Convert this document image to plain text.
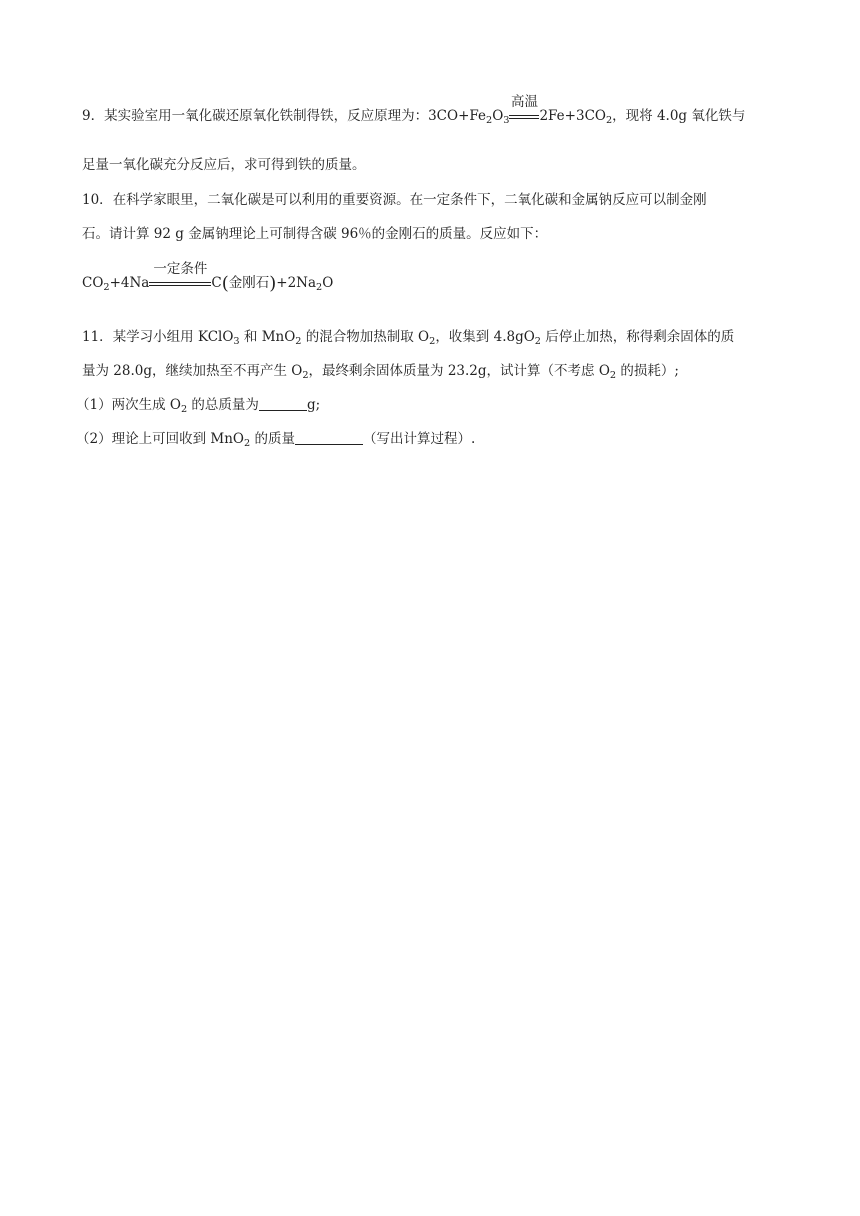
9．某实验室用一氧化碳还原氧化铁制得铁，反应原理为：$3CO+Fe_2O_3$
高温
$2Fe+3CO_2$，现将 4.0g 氧化铁与
足量一氧化碳充分反应后，求可得到铁的质量。
10．在科学家眼里，二氧化碳是可以利用的重要资源。在一定条件下，二氧化碳和金属钠反应可以制金刚
石。请计算 92 g 金属钠理论上可制得含碳 96％的金刚石的质量。反应如下：
$CO_2+4Na$
一定条件
C(金刚石)$+2Na_2O$
11．某学习小组用 KClO$_3$ 和 MnO$_2$ 的混合物加热制取 $O_2$，收集到 $4.8gO_2$ 后停止加热，称得剩余固体的质
量为 28.0g，继续加热至不再产生 $O_2$，最终剩余固体质量为 23.2g，试计算（不考虑 $O_2$ 的损耗）;
（1）两次生成 $O_2$ 的总质量为	g;
（2）理论上可回收到 MnO$_2$ 的质量	（写出计算过程）.
